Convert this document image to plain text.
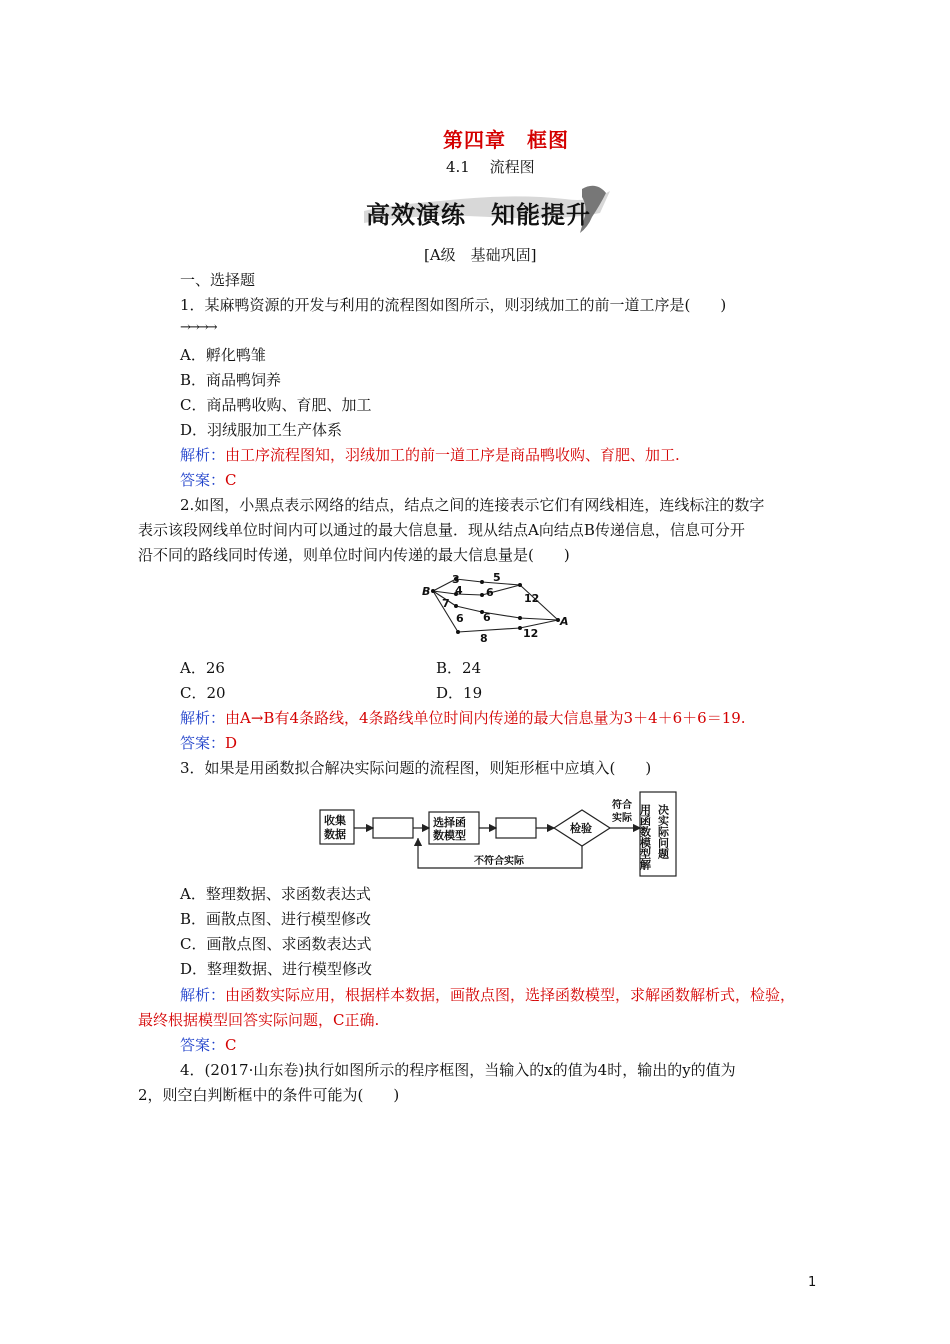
第四章　框图
4.1　 流程图
高效演练　知能提升
[A级　基础巩固]
一、选择题
1．某麻鸭资源的开发与利用的流程图如图所示，则羽绒加工的前一道工序是(　　)
→→→→
A．孵化鸭雏
B．商品鸭饲养
C．商品鸭收购、育肥、加工
D．羽绒服加工生产体系
解析：由工序流程图知，羽绒加工的前一道工序是商品鸭收购、育肥、加工.
答案：C
2.如图，小黑点表示网络的结点，结点之间的连接表示它们有网线相连，连线标注的数字
表示该段网线单位时间内可以通过的最大信息量．现从结点A向结点B传递信息，信息可分开
沿不同的路线同时传递，则单位时间内传递的最大信息量是(　　)
B
A
3	5
4 6
7	12
6
6
8	12
A．26	B．24
C．20	D．19
解析：由A→B有4条路线，4条路线单位时间内传递的最大信息量为3＋4＋6＋6＝19.
答案：D
3．如果是用函数拟合解决实际问题的流程图，则矩形框中应填入(　　)
收集
数据
选择函
数模型
检验
符合
实际
不符合实际	用函数模型解 决实际问题
A．整理数据、求函数表达式
B．画散点图、进行模型修改
C．画散点图、求函数表达式
D．整理数据、进行模型修改
解析：由函数实际应用，根据样本数据，画散点图，选择函数模型，求解函数解析式，检验，
最终根据模型回答实际问题，C正确.
答案：C
4．(2017·山东卷)执行如图所示的程序框图，当输入的x的值为4时，输出的y的值为
2，则空白判断框中的条件可能为(　　)
1
